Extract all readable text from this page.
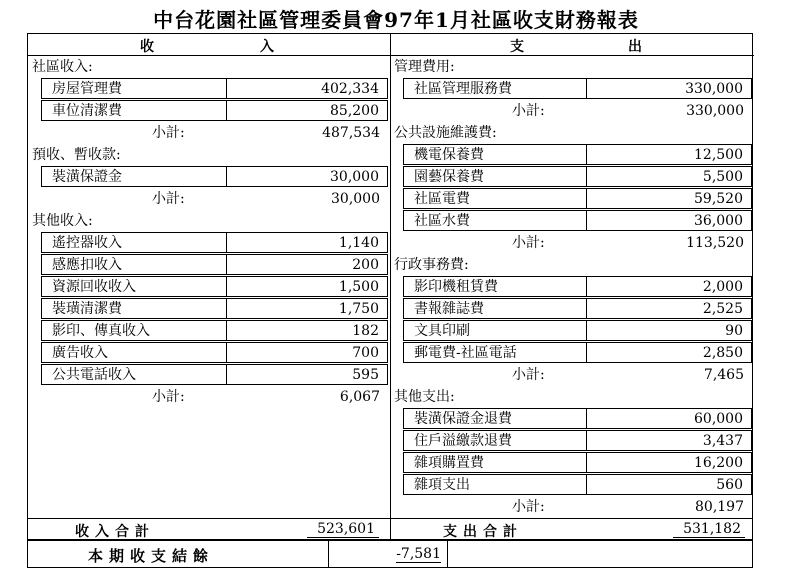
中台花園社區管理委員會97年1月社區收支財務報表
收	入	支	出
社區收入:
房屋管理費	402,334
車位清潔費	85,200
小計:	487,534
預收、暫收款:
裝潢保證金	30,000
小計:	30,000
其他收入:
遙控器收入	1,140
感應扣收入	200
資源回收收入	1,500
裝璜清潔費	1,750
影印、傳真收入	182
廣告收入	700
公共電話收入	595
小計:	6,067
管理費用:
社區管理服務費	330,000
小計:	330,000
公共設施維護費:
機電保養費	12,500
園藝保養費	5,500
社區電費	59,520
社區水費	36,000
小計:	113,520
行政事務費:
影印機租賃費	2,000
書報雜誌費	2,525
文具印刷	90
郵電費-社區電話	2,850
小計:	7,465
其他支出:
裝潢保證金退費	60,000
住戶溢繳款退費	3,437
雜項購置費	16,200
雜項支出	560
小計:	80,197
收入合計	523,601	支出合計	531,182
本期收支結餘	-7,581
